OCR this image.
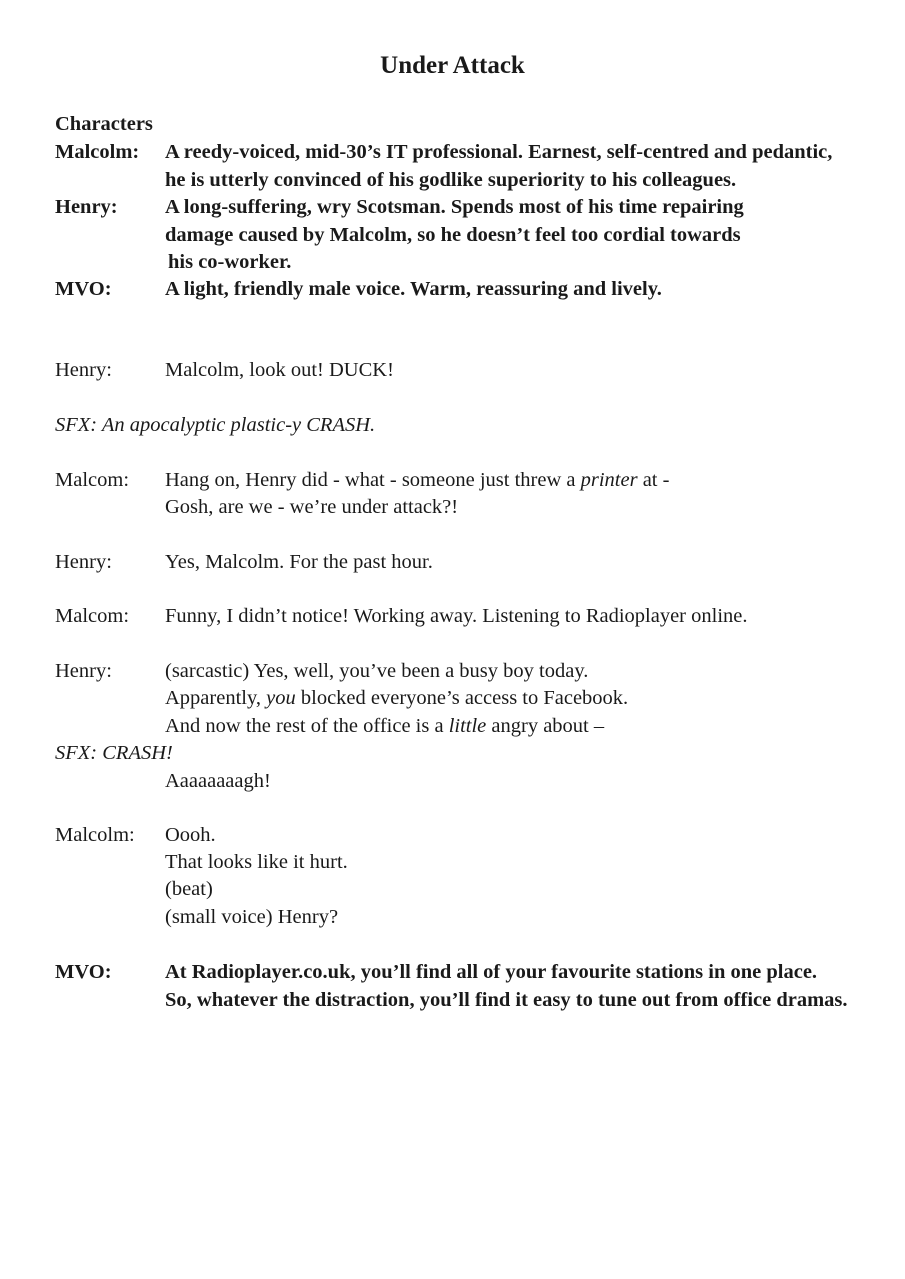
Under Attack
Characters
Malcolm: A reedy-voiced, mid-30’s IT professional. Earnest, self-centred and pedantic,
he is utterly convinced of his godlike superiority to his colleagues.
Henry: A long-suffering, wry Scotsman. Spends most of his time repairing
damage caused by Malcolm, so he doesn’t feel too cordial towards
his co-worker.
MVO:	A light, friendly male voice. Warm, reassuring and lively.
Henry:	Malcolm, look out! DUCK!
SFX: An apocalyptic plastic-y CRASH.
Malcom: Hang on, Henry did - what - someone just threw a printer at -
Gosh, are we - we’re under attack?!
Henry:	Yes, Malcolm. For the past hour.
Malcom: Funny, I didn’t notice! Working away. Listening to Radioplayer online.
Henry:	(sarcastic) Yes, well, you’ve been a busy boy today.
Apparently, you blocked everyone’s access to Facebook.
And now the rest of the office is a little angry about –
SFX: CRASH!
Aaaaaaaagh!
Malcolm: Oooh.
That looks like it hurt.
(beat)
(small voice) Henry?
MVO:	At Radioplayer.co.uk, you’ll find all of your favourite stations in one place.
So, whatever the distraction, you’ll find it easy to tune out from office dramas.
